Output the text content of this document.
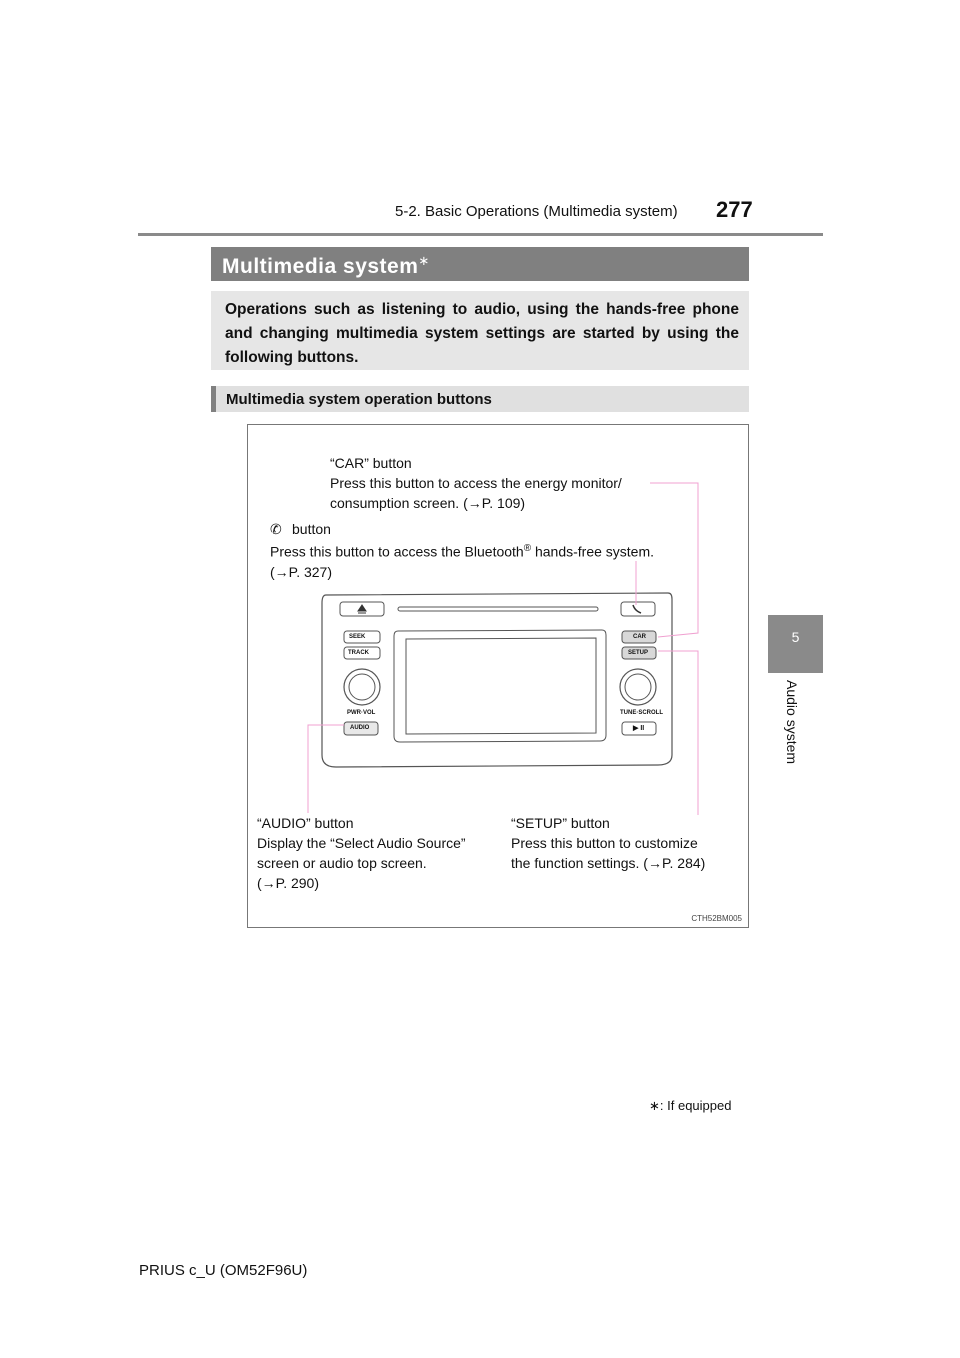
5-2. Basic Operations (Multimedia system) 277
5
Audio system
Multimedia system∗
Operations such as listening to audio, using the hands-free phone and changing multimedia system settings are started by using the following buttons.
Multimedia system operation buttons
SEEK
TRACK
PWR·VOL
AUDIO
CAR
SETUP
TUNE·SCROLL
▶ II
“CAR” button
Press this button to access the energy monitor/
consumption screen. (→P. 109)
✆ button
Press this button to access the Bluetooth® hands-free system.
(→P. 327)
“AUDIO” button
Display the “Select Audio Source”
screen or audio top screen.
(→P. 290)
“SETUP” button
Press this button to customize
the function settings. (→P. 284)
CTH52BM005
∗: If equipped
PRIUS c_U (OM52F96U)
